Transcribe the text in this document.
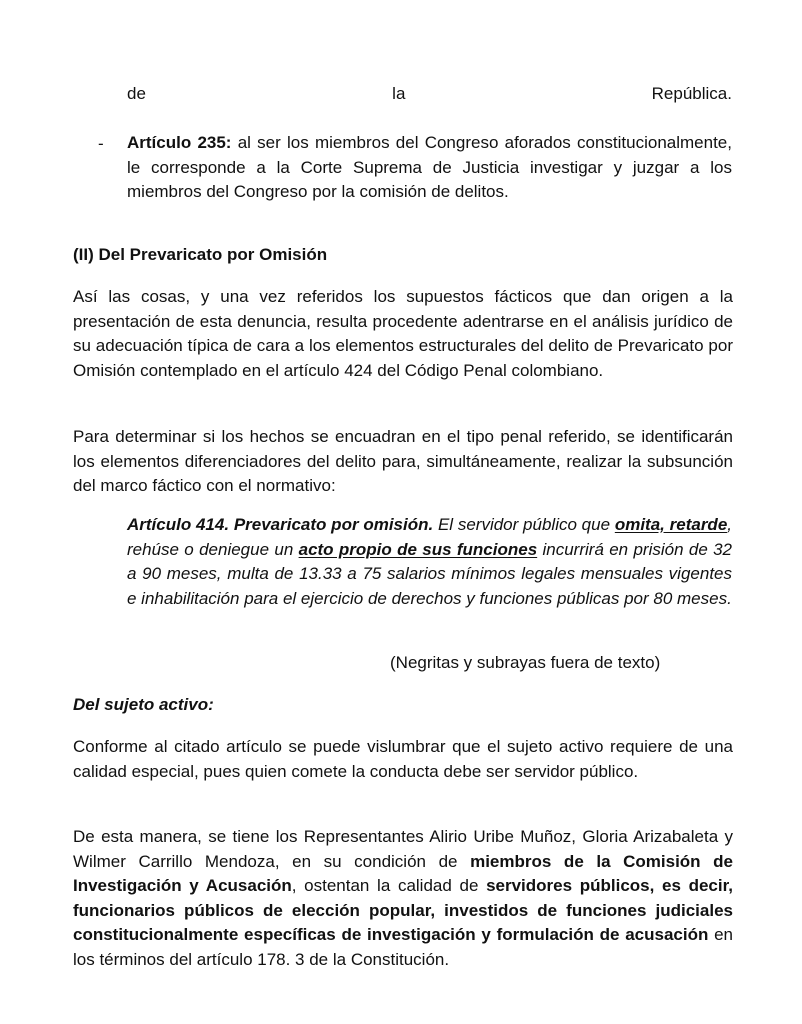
de	la	República.
- Artículo 235: al ser los miembros del Congreso aforados constitucionalmente, le corresponde a la Corte Suprema de Justicia investigar y juzgar a los miembros del Congreso por la comisión de delitos.

(II) Del Prevaricato por Omisión

Así las cosas, y una vez referidos los supuestos fácticos que dan origen a la presentación de esta denuncia, resulta procedente adentrarse en el análisis jurídico de su adecuación típica de cara a los elementos estructurales del delito de Prevaricato por Omisión contemplado en el artículo 424 del Código Penal colombiano.

Para determinar si los hechos se encuadran en el tipo penal referido, se identificarán los elementos diferenciadores del delito para, simultáneamente, realizar la subsunción del marco fáctico con el normativo:

Artículo 414. Prevaricato por omisión. El servidor público que omita, retarde, rehúse o deniegue un acto propio de sus funciones incurrirá en prisión de 32 a 90 meses, multa de 13.33 a 75 salarios mínimos legales mensuales vigentes e inhabilitación para el ejercicio de derechos y funciones públicas por 80 meses.

(Negritas y subrayas fuera de texto)

Del sujeto activo:

Conforme al citado artículo se puede vislumbrar que el sujeto activo requiere de una calidad especial, pues quien comete la conducta debe ser servidor público.

De esta manera, se tiene los Representantes Alirio Uribe Muñoz, Gloria Arizabaleta y Wilmer Carrillo Mendoza, en su condición de miembros de la Comisión de Investigación y Acusación, ostentan la calidad de servidores públicos, es decir, funcionarios públicos de elección popular, investidos de funciones judiciales constitucionalmente específicas de investigación y formulación de acusación en los términos del artículo 178. 3 de la Constitución.
